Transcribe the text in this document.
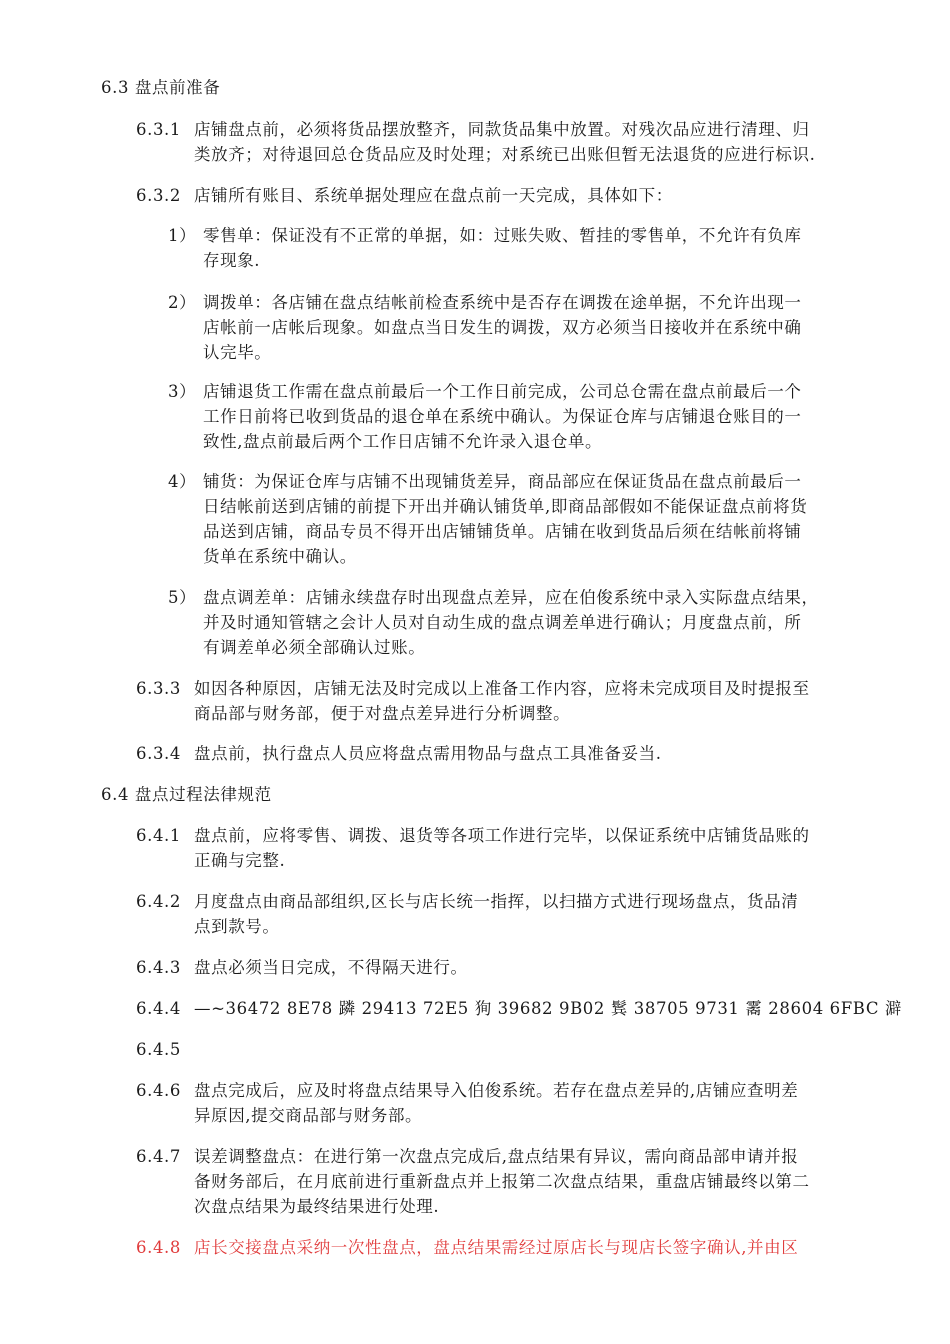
6.3 盘点前准备
6.3.1 店铺盘点前，必须将货品摆放整齐，同款货品集中放置。对残次品应进行清理、归
类放齐；对待退回总仓货品应及时处理；对系统已出账但暂无法退货的应进行标识.
6.3.2 店铺所有账目、系统单据处理应在盘点前一天完成，具体如下：
1） 零售单：保证没有不正常的单据，如：过账失败、暂挂的零售单，不允许有负库
存现象.
2） 调拨单：各店铺在盘点结帐前检查系统中是否存在调拨在途单据，不允许出现一
店帐前一店帐后现象。如盘点当日发生的调拨，双方必须当日接收并在系统中确
认完毕。
3） 店铺退货工作需在盘点前最后一个工作日前完成，公司总仓需在盘点前最后一个
工作日前将已收到货品的退仓单在系统中确认。为保证仓库与店铺退仓账目的一
致性,盘点前最后两个工作日店铺不允许录入退仓单。
4） 铺货：为保证仓库与店铺不出现铺货差异，商品部应在保证货品在盘点前最后一
日结帐前送到店铺的前提下开出并确认铺货单,即商品部假如不能保证盘点前将货
品送到店铺，商品专员不得开出店铺铺货单。店铺在收到货品后须在结帐前将铺
货单在系统中确认。
5） 盘点调差单：店铺永续盘存时出现盘点差异，应在伯俊系统中录入实际盘点结果，
并及时通知管辖之会计人员对自动生成的盘点调差单进行确认；月度盘点前，所
有调差单必须全部确认过账。
6.3.3 如因各种原因，店铺无法及时完成以上准备工作内容，应将未完成项目及时提报至
商品部与财务部，便于对盘点差异进行分析调整。
6.3.4 盘点前，执行盘点人员应将盘点需用物品与盘点工具准备妥当.
6.4 盘点过程法律规范
6.4.1 盘点前，应将零售、调拨、退货等各项工作进行完毕，以保证系统中店铺货品账的
正确与完整.
6.4.2 月度盘点由商品部组织,区长与店长统一指挥，以扫描方式进行现场盘点，货品清
点到款号。
6.4.3 盘点必须当日完成，不得隔天进行。
6.4.4 —~36472 8E78 蹸 29413 72E5 狥 39682 9B02 鬂 38705 9731 霱 28604 6FBC 澼
6.4.5
6.4.6 盘点完成后，应及时将盘点结果导入伯俊系统。若存在盘点差异的,店铺应查明差
异原因,提交商品部与财务部。
6.4.7 误差调整盘点：在进行第一次盘点完成后,盘点结果有异议，需向商品部申请并报
备财务部后，在月底前进行重新盘点并上报第二次盘点结果，重盘店铺最终以第二
次盘点结果为最终结果进行处理.
6.4.8 店长交接盘点采纳一次性盘点，盘点结果需经过原店长与现店长签字确认,并由区
